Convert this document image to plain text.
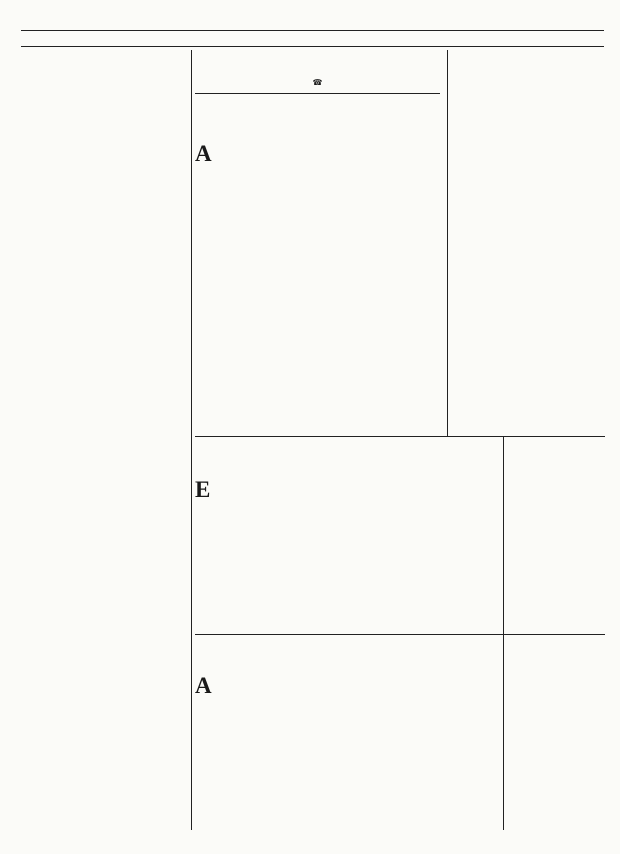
☎

A

E

A
